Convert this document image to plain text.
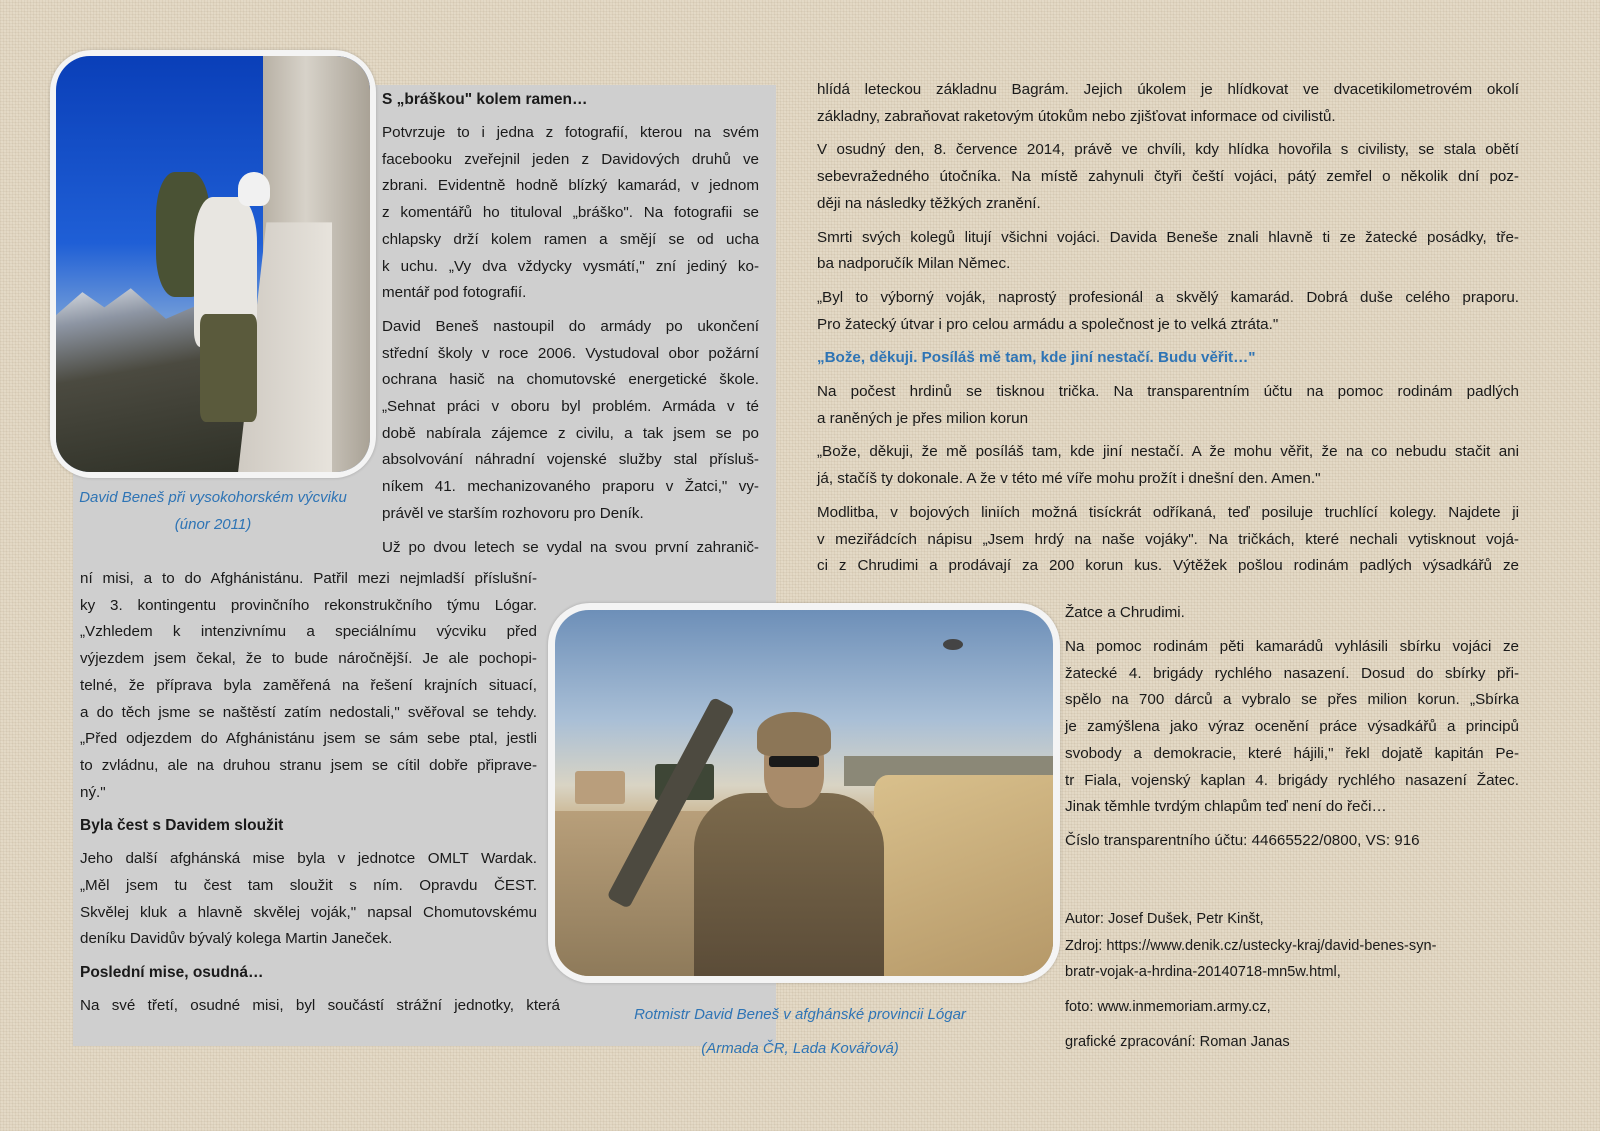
David Beneš při vysokohorském výcviku
(únor 2011)
S „bráškou" kolem ramen…

Potvrzuje to i jedna z fotografií, kterou na svém
facebooku zveřejnil jeden z Davidových druhů ve
zbrani. Evidentně hodně blízký kamarád, v jednom
z komentářů ho tituloval „bráško". Na fotografii se
chlapsky drží kolem ramen a smějí se od ucha
k uchu. „Vy dva vždycky vysmátí," zní jediný ko-
mentář pod fotografií.

David Beneš nastoupil do armády po ukončení
střední školy v roce 2006. Vystudoval obor požární
ochrana hasič na chomutovské energetické škole.
„Sehnat práci v oboru byl problém. Armáda v té
době nabírala zájemce z civilu, a tak jsem se po
absolvování náhradní vojenské služby stal přísluš-
níkem 41. mechanizovaného praporu v Žatci," vy-
právěl ve starším rozhovoru pro Deník.

Už po dvou letech se vydal na svou první zahranič-

ní misi, a to do Afghánistánu. Patřil mezi nejmladší příslušní-
ky 3. kontingentu provinčního rekonstrukčního týmu Lógar.
„Vzhledem k intenzivnímu a speciálnímu výcviku před
výjezdem jsem čekal, že to bude náročnější. Je ale pochopi-
telné, že příprava byla zaměřená na řešení krajních situací,
a do těch jsme se naštěstí zatím nedostali," svěřoval se tehdy.
„Před odjezdem do Afghánistánu jsem se sám sebe ptal, jestli
to zvládnu, ale na druhou stranu jsem se cítil dobře připrave-
ný."

Byla čest s Davidem sloužit

Jeho další afghánská mise byla v jednotce OMLT Wardak.
„Měl jsem tu čest tam sloužit s ním. Opravdu ČEST.
Skvělej kluk a hlavně skvělej voják," napsal Chomutovskému
deníku Davidův bývalý kolega Martin Janeček.

Poslední mise, osudná…

Na své třetí, osudné misi, byl součástí strážní jednotky, která

Rotmistr David Beneš v afghánské provincii Lógar
(Armada ČR, Lada Kovářová)

hlídá leteckou základnu Bagrám. Jejich úkolem je hlídkovat ve dvacetikilometrovém okolí
základny, zabraňovat raketovým útokům nebo zjišťovat informace od civilistů.

V osudný den, 8. července 2014, právě ve chvíli, kdy hlídka hovořila s civilisty, se stala obětí
sebevražedného útočníka. Na místě zahynuli čtyři čeští vojáci, pátý zemřel o několik dní poz-
ději na následky těžkých zranění.

Smrti svých kolegů litují všichni vojáci. Davida Beneše znali hlavně ti ze žatecké posádky, tře-
ba nadporučík Milan Němec.

„Byl to výborný voják, naprostý profesionál a skvělý kamarád. Dobrá duše celého praporu.
Pro žatecký útvar i pro celou armádu a společnost je to velká ztráta."

„Bože, děkuji. Posíláš mě tam, kde jiní nestačí. Budu věřit…"

Na počest hrdinů se tisknou trička. Na transparentním účtu na pomoc rodinám padlých
a raněných je přes milion korun

„Bože, děkuji, že mě posíláš tam, kde jiní nestačí. A že mohu věřit, že na co nebudu stačit ani
já, stačíš ty dokonale. A že v této mé víře mohu prožít i dnešní den. Amen."

Modlitba, v bojových liniích možná tisíckrát odříkaná, teď posiluje truchlící kolegy. Najdete ji
v meziřádcích nápisu „Jsem hrdý na naše vojáky". Na tričkách, které nechali vytisknout vojá-
ci z Chrudimi a prodávají za 200 korun kus. Výtěžek pošlou rodinám padlých výsadkářů ze

Žatce a Chrudimi.

Na pomoc rodinám pěti kamarádů vyhlásili sbírku vojáci ze
žatecké 4. brigády rychlého nasazení. Dosud do sbírky při-
spělo na 700 dárců a vybralo se přes milion korun. „Sbírka
je zamýšlena jako výraz ocenění práce výsadkářů a principů
svobody a demokracie, které hájili," řekl dojatě kapitán Pe-
tr Fiala, vojenský kaplan 4. brigády rychlého nasazení Žatec.
Jinak těmhle tvrdým chlapům teď není do řeči…

Číslo transparentního účtu: 44665522/0800, VS: 916

Autor: Josef Dušek, Petr Kinšt,
Zdroj: https://www.denik.cz/ustecky-kraj/david-benes-syn-
bratr-vojak-a-hrdina-20140718-mn5w.html,
foto: www.inmemoriam.army.cz,
grafické zpracování: Roman Janas
